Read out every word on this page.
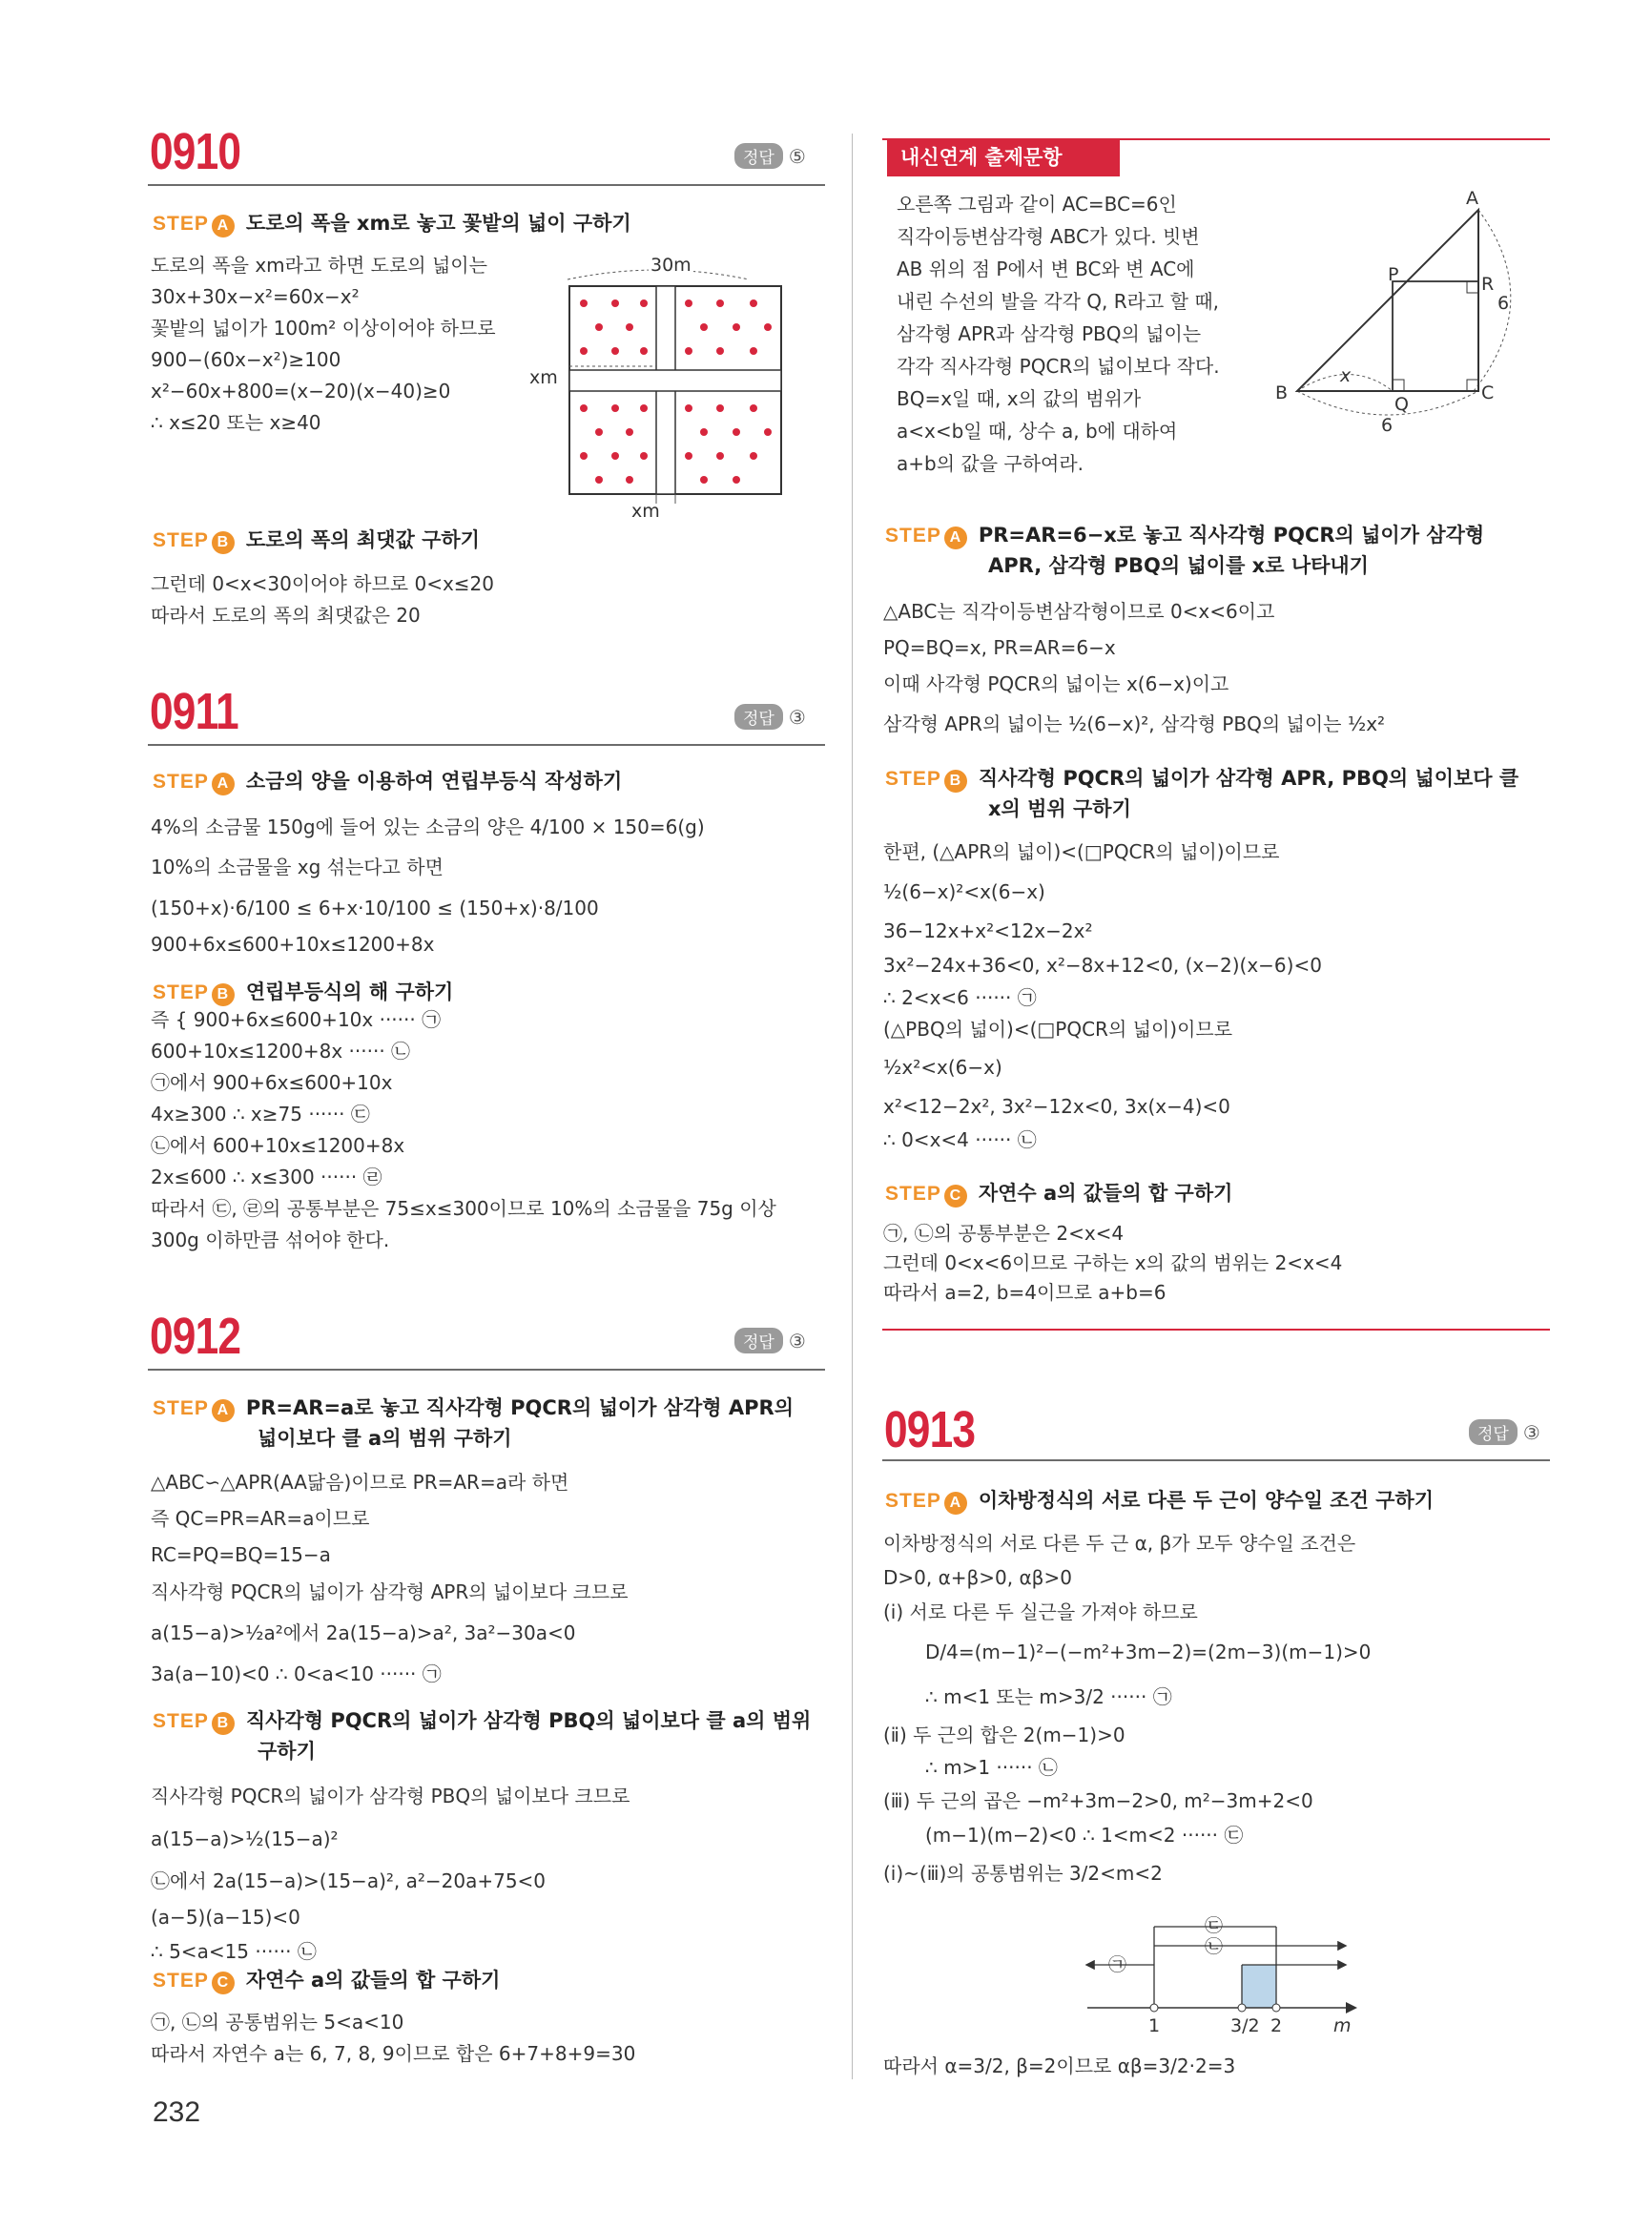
0910	정답 ⑤
STEP A 도로의 폭을 xm로 놓고 꽃밭의 넓이 구하기
도로의 폭을 xm라고 하면 도로의 넓이는
30x+30x−x²=60x−x²
꽃밭의 넓이가 100m² 이상이어야 하므로
900−(60x−x²)≥100
x²−60x+800=(x−20)(x−40)≥0
∴ x≤20 또는 x≥40
30m
xm
xm
STEP B 도로의 폭의 최댓값 구하기
그런데 0<x<30이어야 하므로 0<x≤20
따라서 도로의 폭의 최댓값은 20
0911	정답 ③
STEP A 소금의 양을 이용하여 연립부등식 작성하기
4%의 소금물 150g에 들어 있는 소금의 양은 4/100 × 150=6(g)
10%의 소금물을 xg 섞는다고 하면
(150+x)·6/100 ≤ 6+x·10/100 ≤ (150+x)·8/100
900+6x≤600+10x≤1200+8x
STEP B 연립부등식의 해 구하기
즉 { 900+6x≤600+10x ······ ㉠
600+10x≤1200+8x ······ ㉡
㉠에서 900+6x≤600+10x
4x≥300 ∴ x≥75 ······ ㉢
㉡에서 600+10x≤1200+8x
2x≤600 ∴ x≤300 ······ ㉣
따라서 ㉢, ㉣의 공통부분은 75≤x≤300이므로 10%의 소금물을 75g 이상
300g 이하만큼 섞어야 한다.
0912	정답 ③
STEP A PR=AR=a로 놓고 직사각형 PQCR의 넓이가 삼각형 APR의
넓이보다 클 a의 범위 구하기
△ABC∽△APR(AA닮음)이므로 PR=AR=a라 하면
즉 QC=PR=AR=a이므로
RC=PQ=BQ=15−a
직사각형 PQCR의 넓이가 삼각형 APR의 넓이보다 크므로
a(15−a)>½a²에서 2a(15−a)>a², 3a²−30a<0
3a(a−10)<0 ∴ 0<a<10 ······ ㉠
STEP B 직사각형 PQCR의 넓이가 삼각형 PBQ의 넓이보다 클 a의 범위
구하기
직사각형 PQCR의 넓이가 삼각형 PBQ의 넓이보다 크므로
a(15−a)>½(15−a)²
㉡에서 2a(15−a)>(15−a)², a²−20a+75<0
(a−5)(a−15)<0
∴ 5<a<15 ······ ㉡
STEP C 자연수 a의 값들의 합 구하기
㉠, ㉡의 공통범위는 5<a<10
따라서 자연수 a는 6, 7, 8, 9이므로 합은 6+7+8+9=30
232
내신연계 출제문항
오른쪽 그림과 같이 AC=BC=6인
직각이등변삼각형 ABC가 있다. 빗변
AB 위의 점 P에서 변 BC와 변 AC에
내린 수선의 발을 각각 Q, R라고 할 때,
삼각형 APR과 삼각형 PBQ의 넓이는
각각 직사각형 PQCR의 넓이보다 작다.
BQ=x일 때, x의 값의 범위가
a<x<b일 때, 상수 a, b에 대하여
a+b의 값을 구하여라.
A
B	C
P
Q
R
x
6
6
STEP A PR=AR=6−x로 놓고 직사각형 PQCR의 넓이가 삼각형
APR, 삼각형 PBQ의 넓이를 x로 나타내기
△ABC는 직각이등변삼각형이므로 0<x<6이고
PQ=BQ=x, PR=AR=6−x
이때 사각형 PQCR의 넓이는 x(6−x)이고
삼각형 APR의 넓이는 ½(6−x)², 삼각형 PBQ의 넓이는 ½x²
STEP B 직사각형 PQCR의 넓이가 삼각형 APR, PBQ의 넓이보다 클
x의 범위 구하기
한편, (△APR의 넓이)<(□PQCR의 넓이)이므로
½(6−x)²<x(6−x)
36−12x+x²<12x−2x²
3x²−24x+36<0, x²−8x+12<0, (x−2)(x−6)<0
∴ 2<x<6 ······ ㉠
(△PBQ의 넓이)<(□PQCR의 넓이)이므로
½x²<x(6−x)
x²<12−2x², 3x²−12x<0, 3x(x−4)<0
∴ 0<x<4 ······ ㉡
STEP C 자연수 a의 값들의 합 구하기
㉠, ㉡의 공통부분은 2<x<4
그런데 0<x<6이므로 구하는 x의 값의 범위는 2<x<4
따라서 a=2, b=4이므로 a+b=6
0913	정답 ③
STEP A 이차방정식의 서로 다른 두 근이 양수일 조건 구하기
이차방정식의 서로 다른 두 근 α, β가 모두 양수일 조건은
D>0, α+β>0, αβ>0
(ⅰ) 서로 다른 두 실근을 가져야 하므로
D/4=(m−1)²−(−m²+3m−2)=(2m−3)(m−1)>0
∴ m<1 또는 m>3/2 ······ ㉠
(ⅱ) 두 근의 합은 2(m−1)>0
∴ m>1 ······ ㉡
(ⅲ) 두 근의 곱은 −m²+3m−2>0, m²−3m+2<0
(m−1)(m−2)<0 ∴ 1<m<2 ······ ㉢
(ⅰ)~(ⅲ)의 공통범위는 3/2<m<2
1	3/2 2	m
㉠
㉡
㉢
따라서 α=3/2, β=2이므로 αβ=3/2·2=3
